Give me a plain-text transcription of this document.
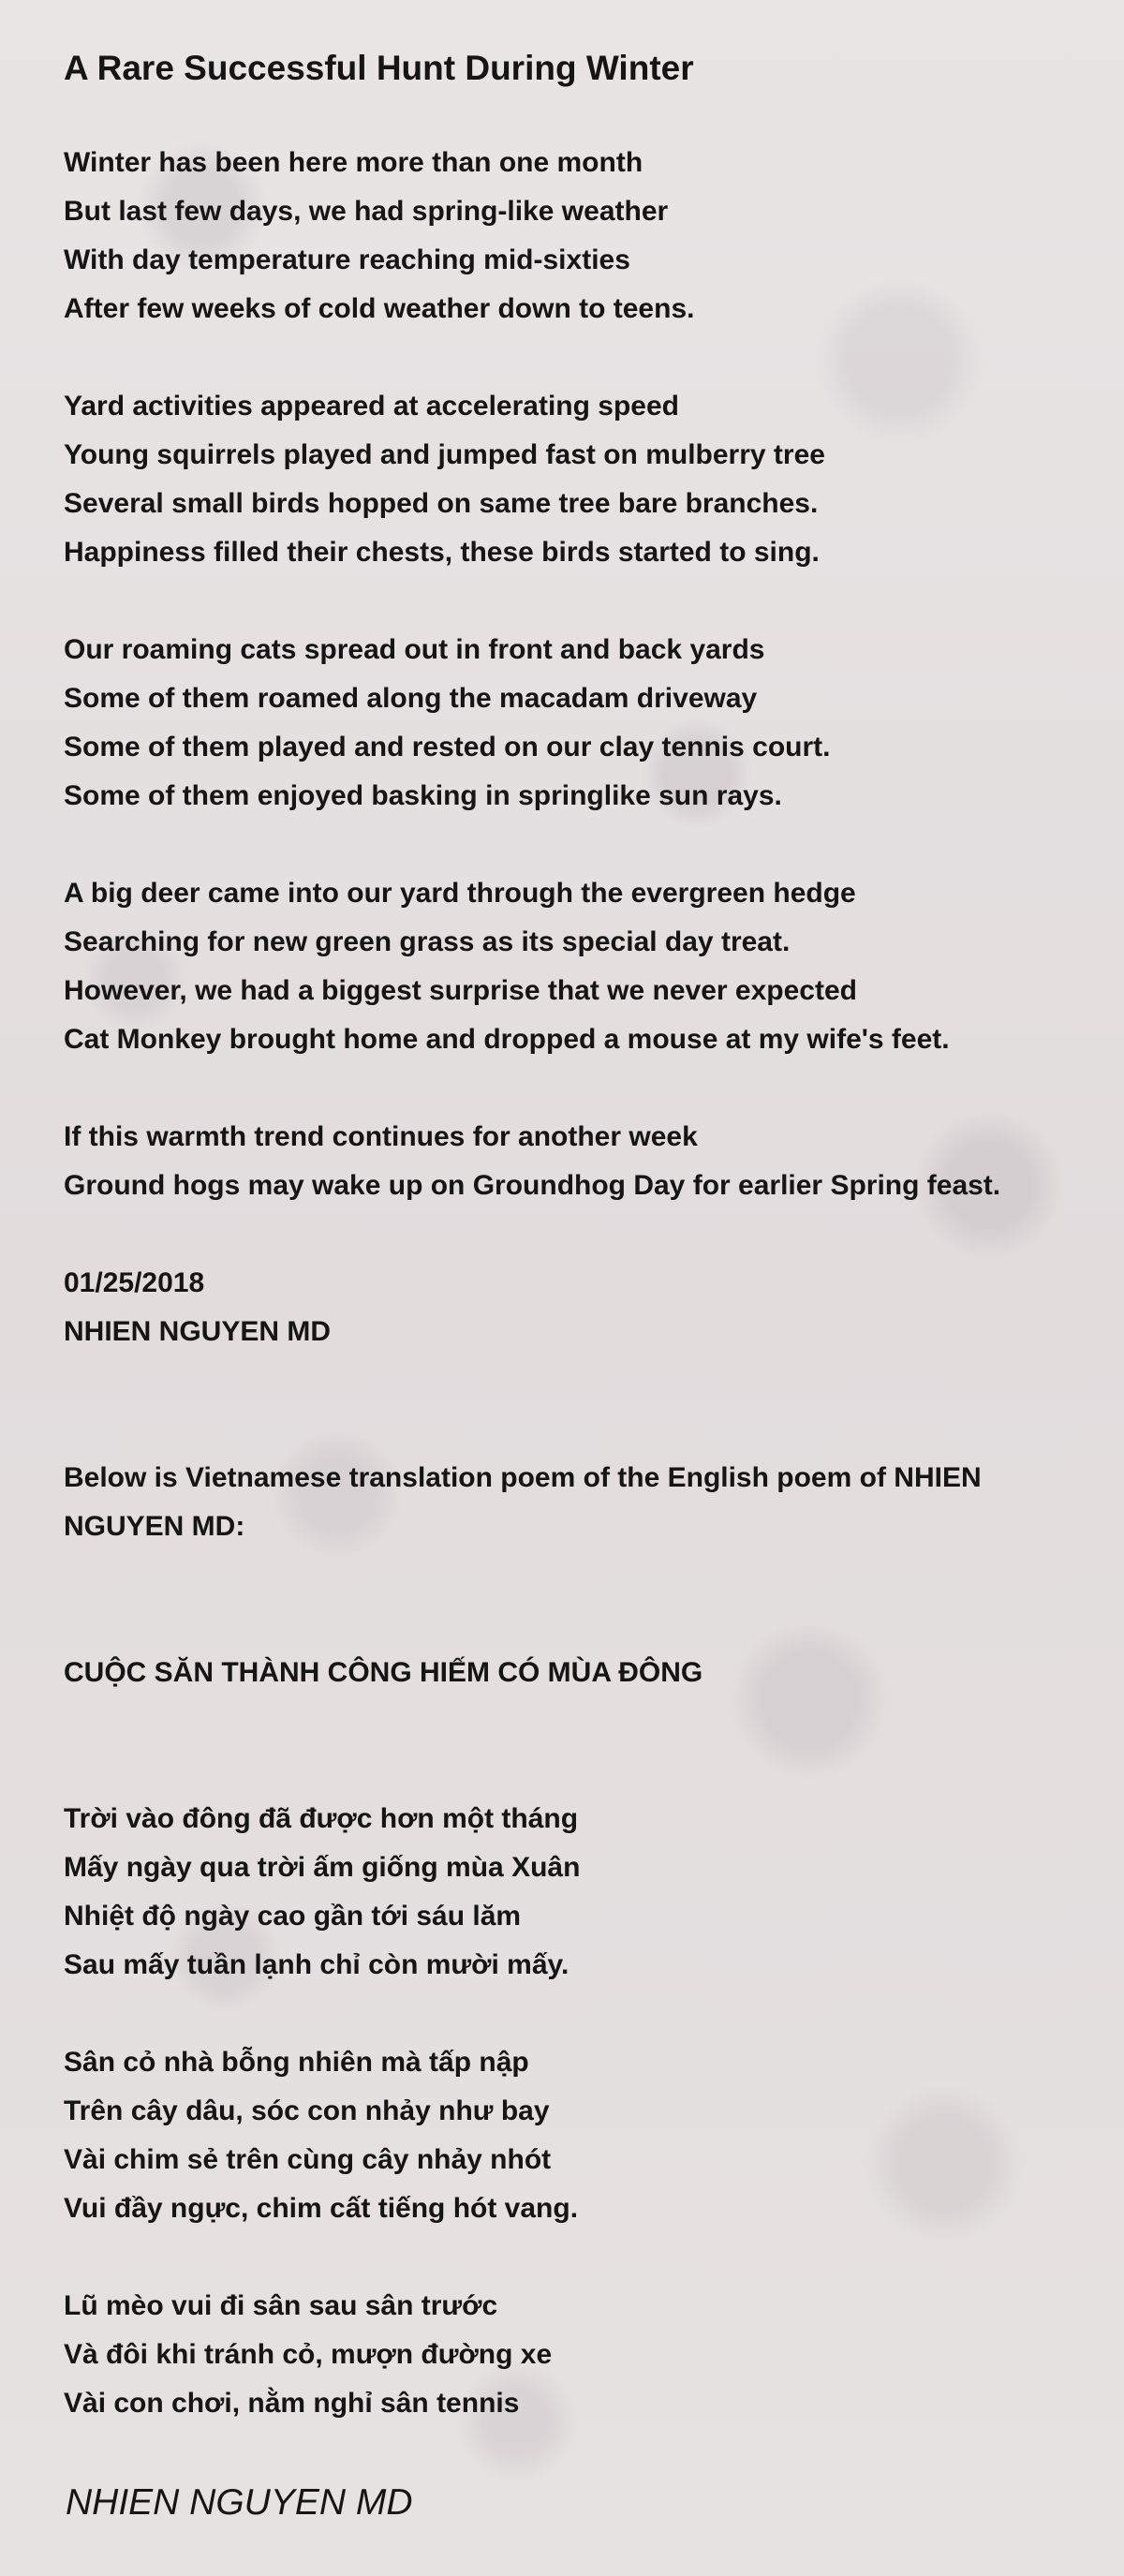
A Rare Successful Hunt During Winter
Winter has been here more than one month
But last few days, we had spring-like weather
With day temperature reaching mid-sixties
After few weeks of cold weather down to teens.
Yard activities appeared at accelerating speed
Young squirrels played and jumped fast on mulberry tree
Several small birds hopped on same tree bare branches.
Happiness filled their chests, these birds started to sing.
Our roaming cats spread out in front and back yards
Some of them roamed along the macadam driveway
Some of them played and rested on our clay tennis court.
Some of them enjoyed basking in springlike sun rays.
A big deer came into our yard through the evergreen hedge
Searching for new green grass as its special day treat.
However, we had a biggest surprise that we never expected
Cat Monkey brought home and dropped a mouse at my wife's feet.
If this warmth trend continues for another week
Ground hogs may wake up on Groundhog Day for earlier Spring feast.
01/25/2018
NHIEN NGUYEN MD
Below is Vietnamese translation poem of the English poem of NHIEN NGUYEN MD:
CUỘC SĂN THÀNH CÔNG HIẾM CÓ MÙA ĐÔNG
Trời vào đông đã được hơn một tháng
Mấy ngày qua trời ấm giống mùa Xuân
Nhiệt độ ngày cao gần tới sáu lăm
Sau mấy tuần lạnh chỉ còn mười mấy.
Sân cỏ nhà bỗng nhiên mà tấp nập
Trên cây dâu, sóc con nhảy như bay
Vài chim sẻ trên cùng cây nhảy nhót
Vui đầy ngực, chim cất tiếng hót vang.
Lũ mèo vui đi sân sau sân trước
Và đôi khi tránh cỏ, mượn đường xe
Vài con chơi, nằm nghỉ sân tennis
NHIEN NGUYEN MD
